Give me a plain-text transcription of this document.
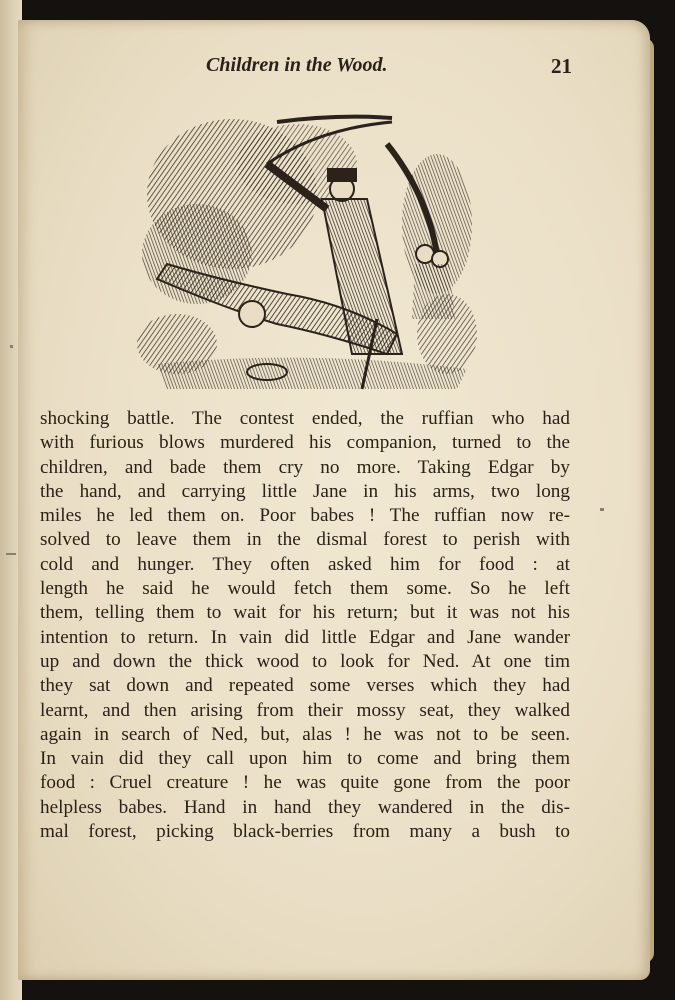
Children in the Wood.	21
shocking battle. The contest ended, the ruffian who had
with furious blows murdered his companion, turned to the
children, and bade them cry no more. Taking Edgar by
the hand, and carrying little Jane in his arms, two long
miles he led them on. Poor babes ! The ruffian now re-
solved to leave them in the dismal forest to perish with
cold and hunger. They often asked him for food : at
length he said he would fetch them some. So he left
them, telling them to wait for his return; but it was not his
intention to return. In vain did little Edgar and Jane wander
up and down the thick wood to look for Ned. At one tim
they sat down and repeated some verses which they had
learnt, and then arising from their mossy seat, they walked
again in search of Ned, but, alas ! he was not to be seen.
In vain did they call upon him to come and bring them
food : Cruel creature ! he was quite gone from the poor
helpless babes. Hand in hand they wandered in the dis-
mal forest, picking black-berries from many a bush to
